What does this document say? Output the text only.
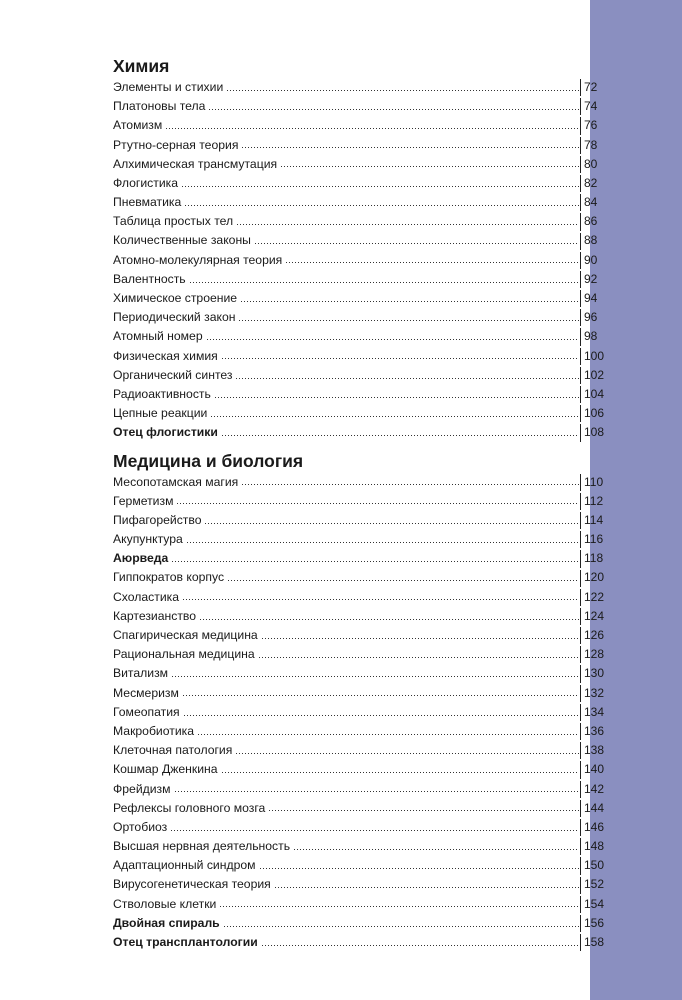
Химия
Элементы и стихии	72
Платоновы тела	74
Атомизм	76
Ртутно-серная теория	78
Алхимическая трансмутация	80
Флогистика	82
Пневматика	84
Таблица простых тел	86
Количественные законы	88
Атомно-молекулярная теория	90
Валентность	92
Химическое строение	94
Периодический закон	96
Атомный номер	98
Физическая химия	100
Органический синтез	102
Радиоактивность	104
Цепные реакции	106
Отец флогистики	108
Медицина и биология
Месопотамская магия	110
Герметизм	112
Пифагорейство	114
Акупунктура	116
Аюрведа	118
Гиппократов корпус	120
Схоластика	122
Картезианство	124
Спагирическая медицина	126
Рациональная медицина	128
Витализм	130
Месмеризм	132
Гомеопатия	134
Макробиотика	136
Клеточная патология	138
Кошмар Дженкина	140
Фрейдизм	142
Рефлексы головного мозга	144
Ортобиоз	146
Высшая нервная деятельность	148
Адаптационный синдром	150
Вирусогенетическая теория	152
Стволовые клетки	154
Двойная спираль	156
Отец трансплантологии	158
